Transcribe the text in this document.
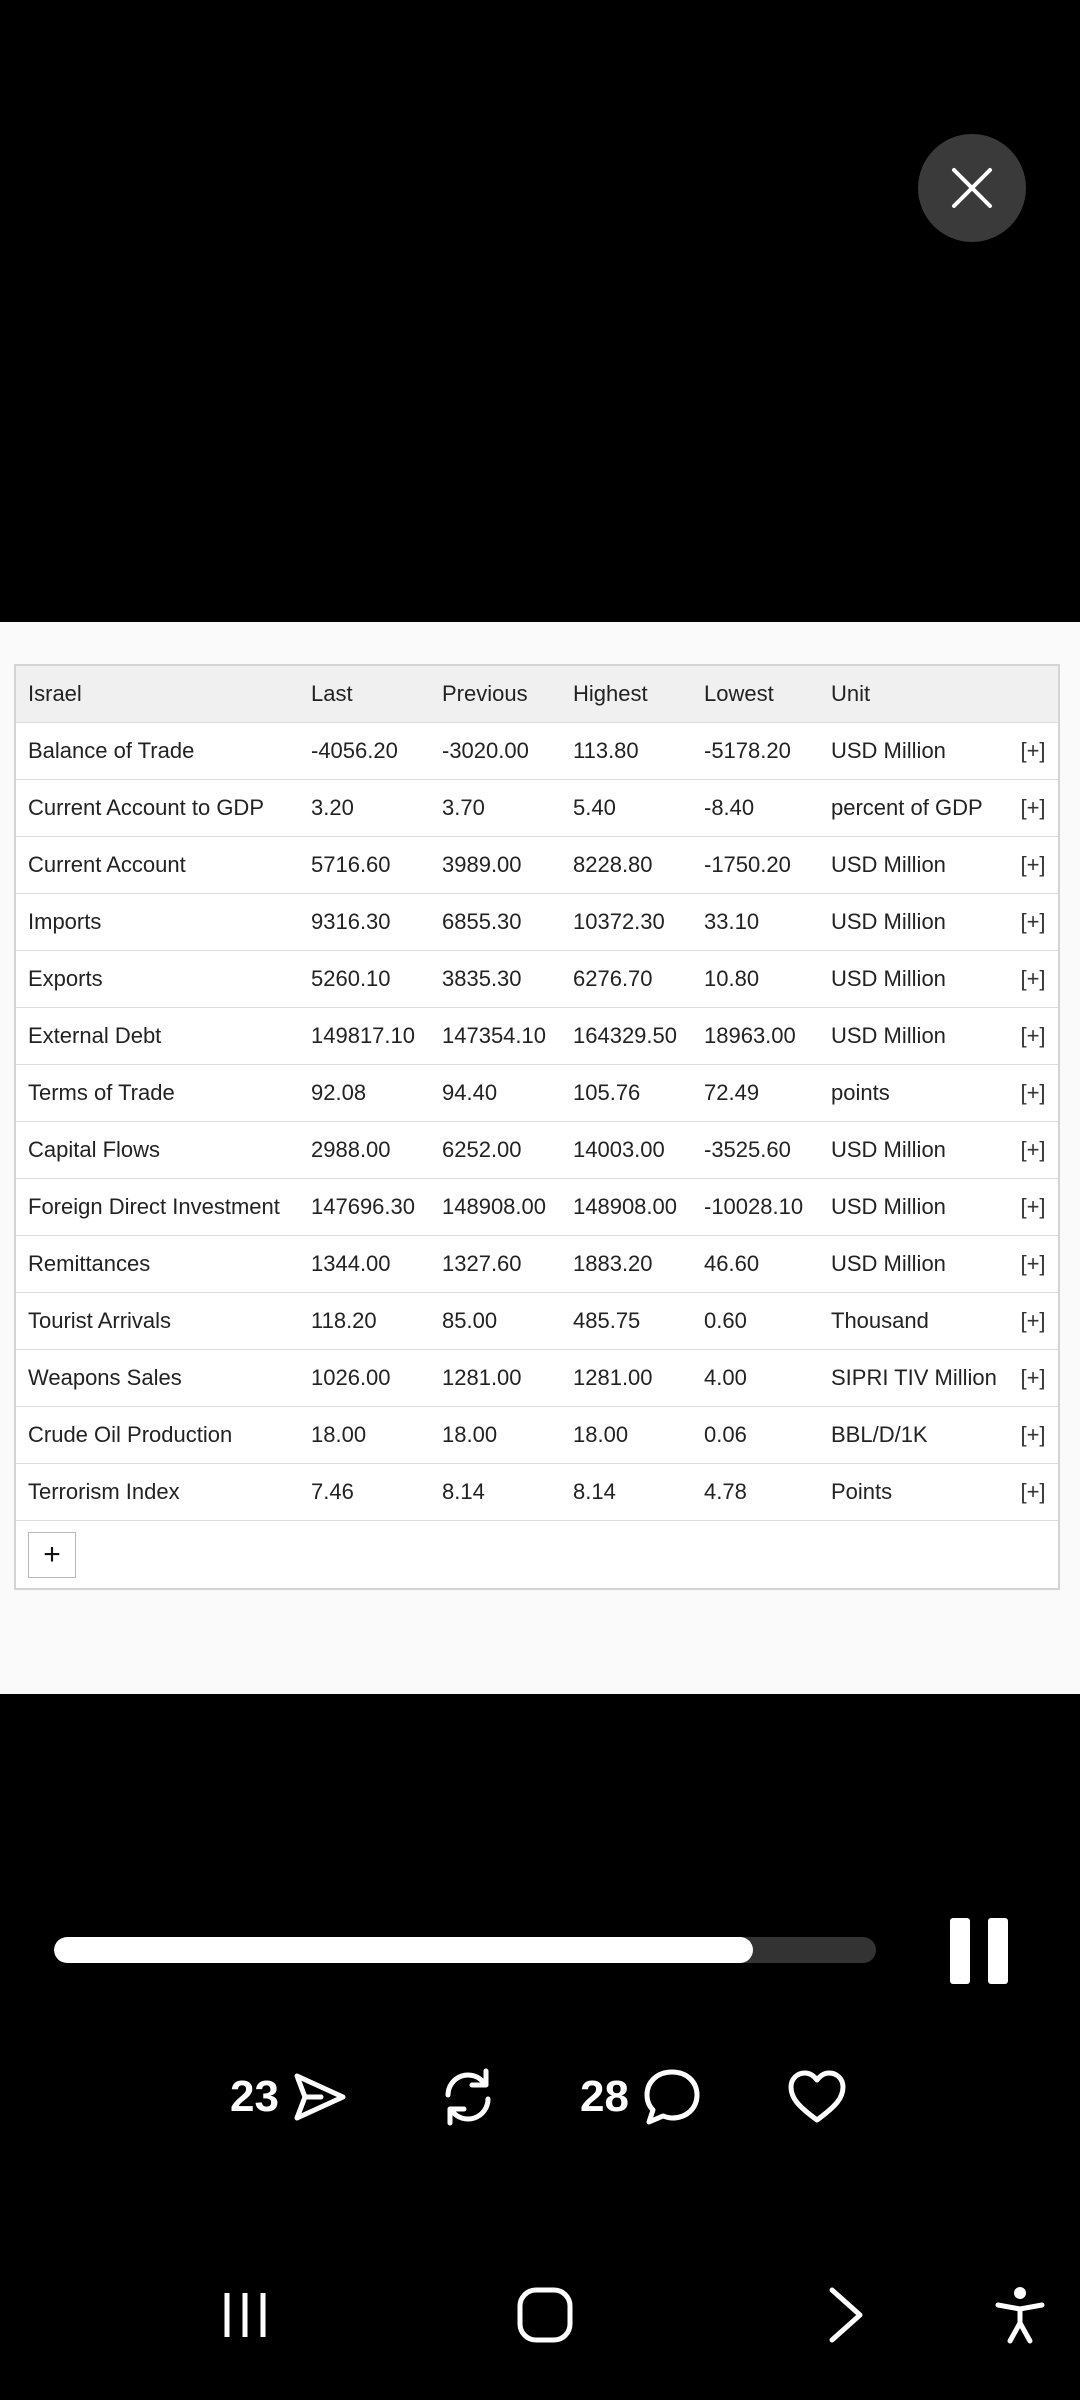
Israel	Last	Previous	Highest	Lowest	Unit	
Balance of Trade	-4056.20	-3020.00	113.80	-5178.20	USD Million	[+]
Current Account to GDP	3.20	3.70	5.40	-8.40	percent of GDP	[+]
Current Account	5716.60	3989.00	8228.80	-1750.20	USD Million	[+]
Imports	9316.30	6855.30	10372.30	33.10	USD Million	[+]
Exports	5260.10	3835.30	6276.70	10.80	USD Million	[+]
External Debt	149817.10	147354.10	164329.50	18963.00	USD Million	[+]
Terms of Trade	92.08	94.40	105.76	72.49	points	[+]
Capital Flows	2988.00	6252.00	14003.00	-3525.60	USD Million	[+]
Foreign Direct Investment	147696.30	148908.00	148908.00	-10028.10	USD Million	[+]
Remittances	1344.00	1327.60	1883.20	46.60	USD Million	[+]
Tourist Arrivals	118.20	85.00	485.75	0.60	Thousand	[+]
Weapons Sales	1026.00	1281.00	1281.00	4.00	SIPRI TIV Million	[+]
Crude Oil Production	18.00	18.00	18.00	0.06	BBL/D/1K	[+]
Terrorism Index	7.46	8.14	8.14	4.78	Points	[+]
+
23	28
